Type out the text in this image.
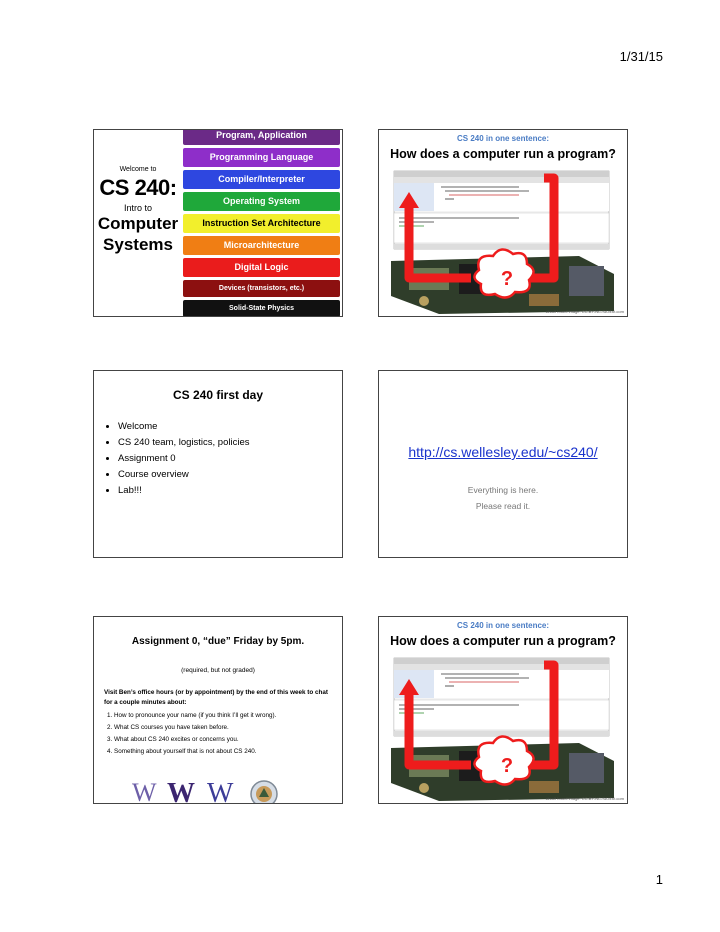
1/31/15
Welcome to
CS 240:
Intro to
Computer
Systems
Program, Application
Programming Language
Compiler/Interpreter
Operating System
Instruction Set Architecture
Microarchitecture
Digital Logic
Devices (transistors, etc.)
Solid-State Physics
CS 240 in one sentence:
How does a computer run a program?
?
circuit board image: CC-BY-NC-SA ifixit.com
CS 240 first day
• Welcome
• CS 240 team, logistics, policies
• Assignment 0
• Course overview
• Lab!!!
http://cs.wellesley.edu/~cs240/
Everything is here.
Please read it.
Assignment 0, “due” Friday by 5pm.
(required, but not graded)
Visit Ben’s office hours (or by appointment) by the end of this week to chat for a couple minutes about:
1. How to pronounce your name (if you think I’ll get it wrong).
2. What CS courses you have taken before.
3. What about CS 240 excites or concerns you.
4. Something about yourself that is not about CS 240.
W W W
CS 240 in one sentence:
How does a computer run a program?
?
circuit board image: CC-BY-NC-SA ifixit.com
1
